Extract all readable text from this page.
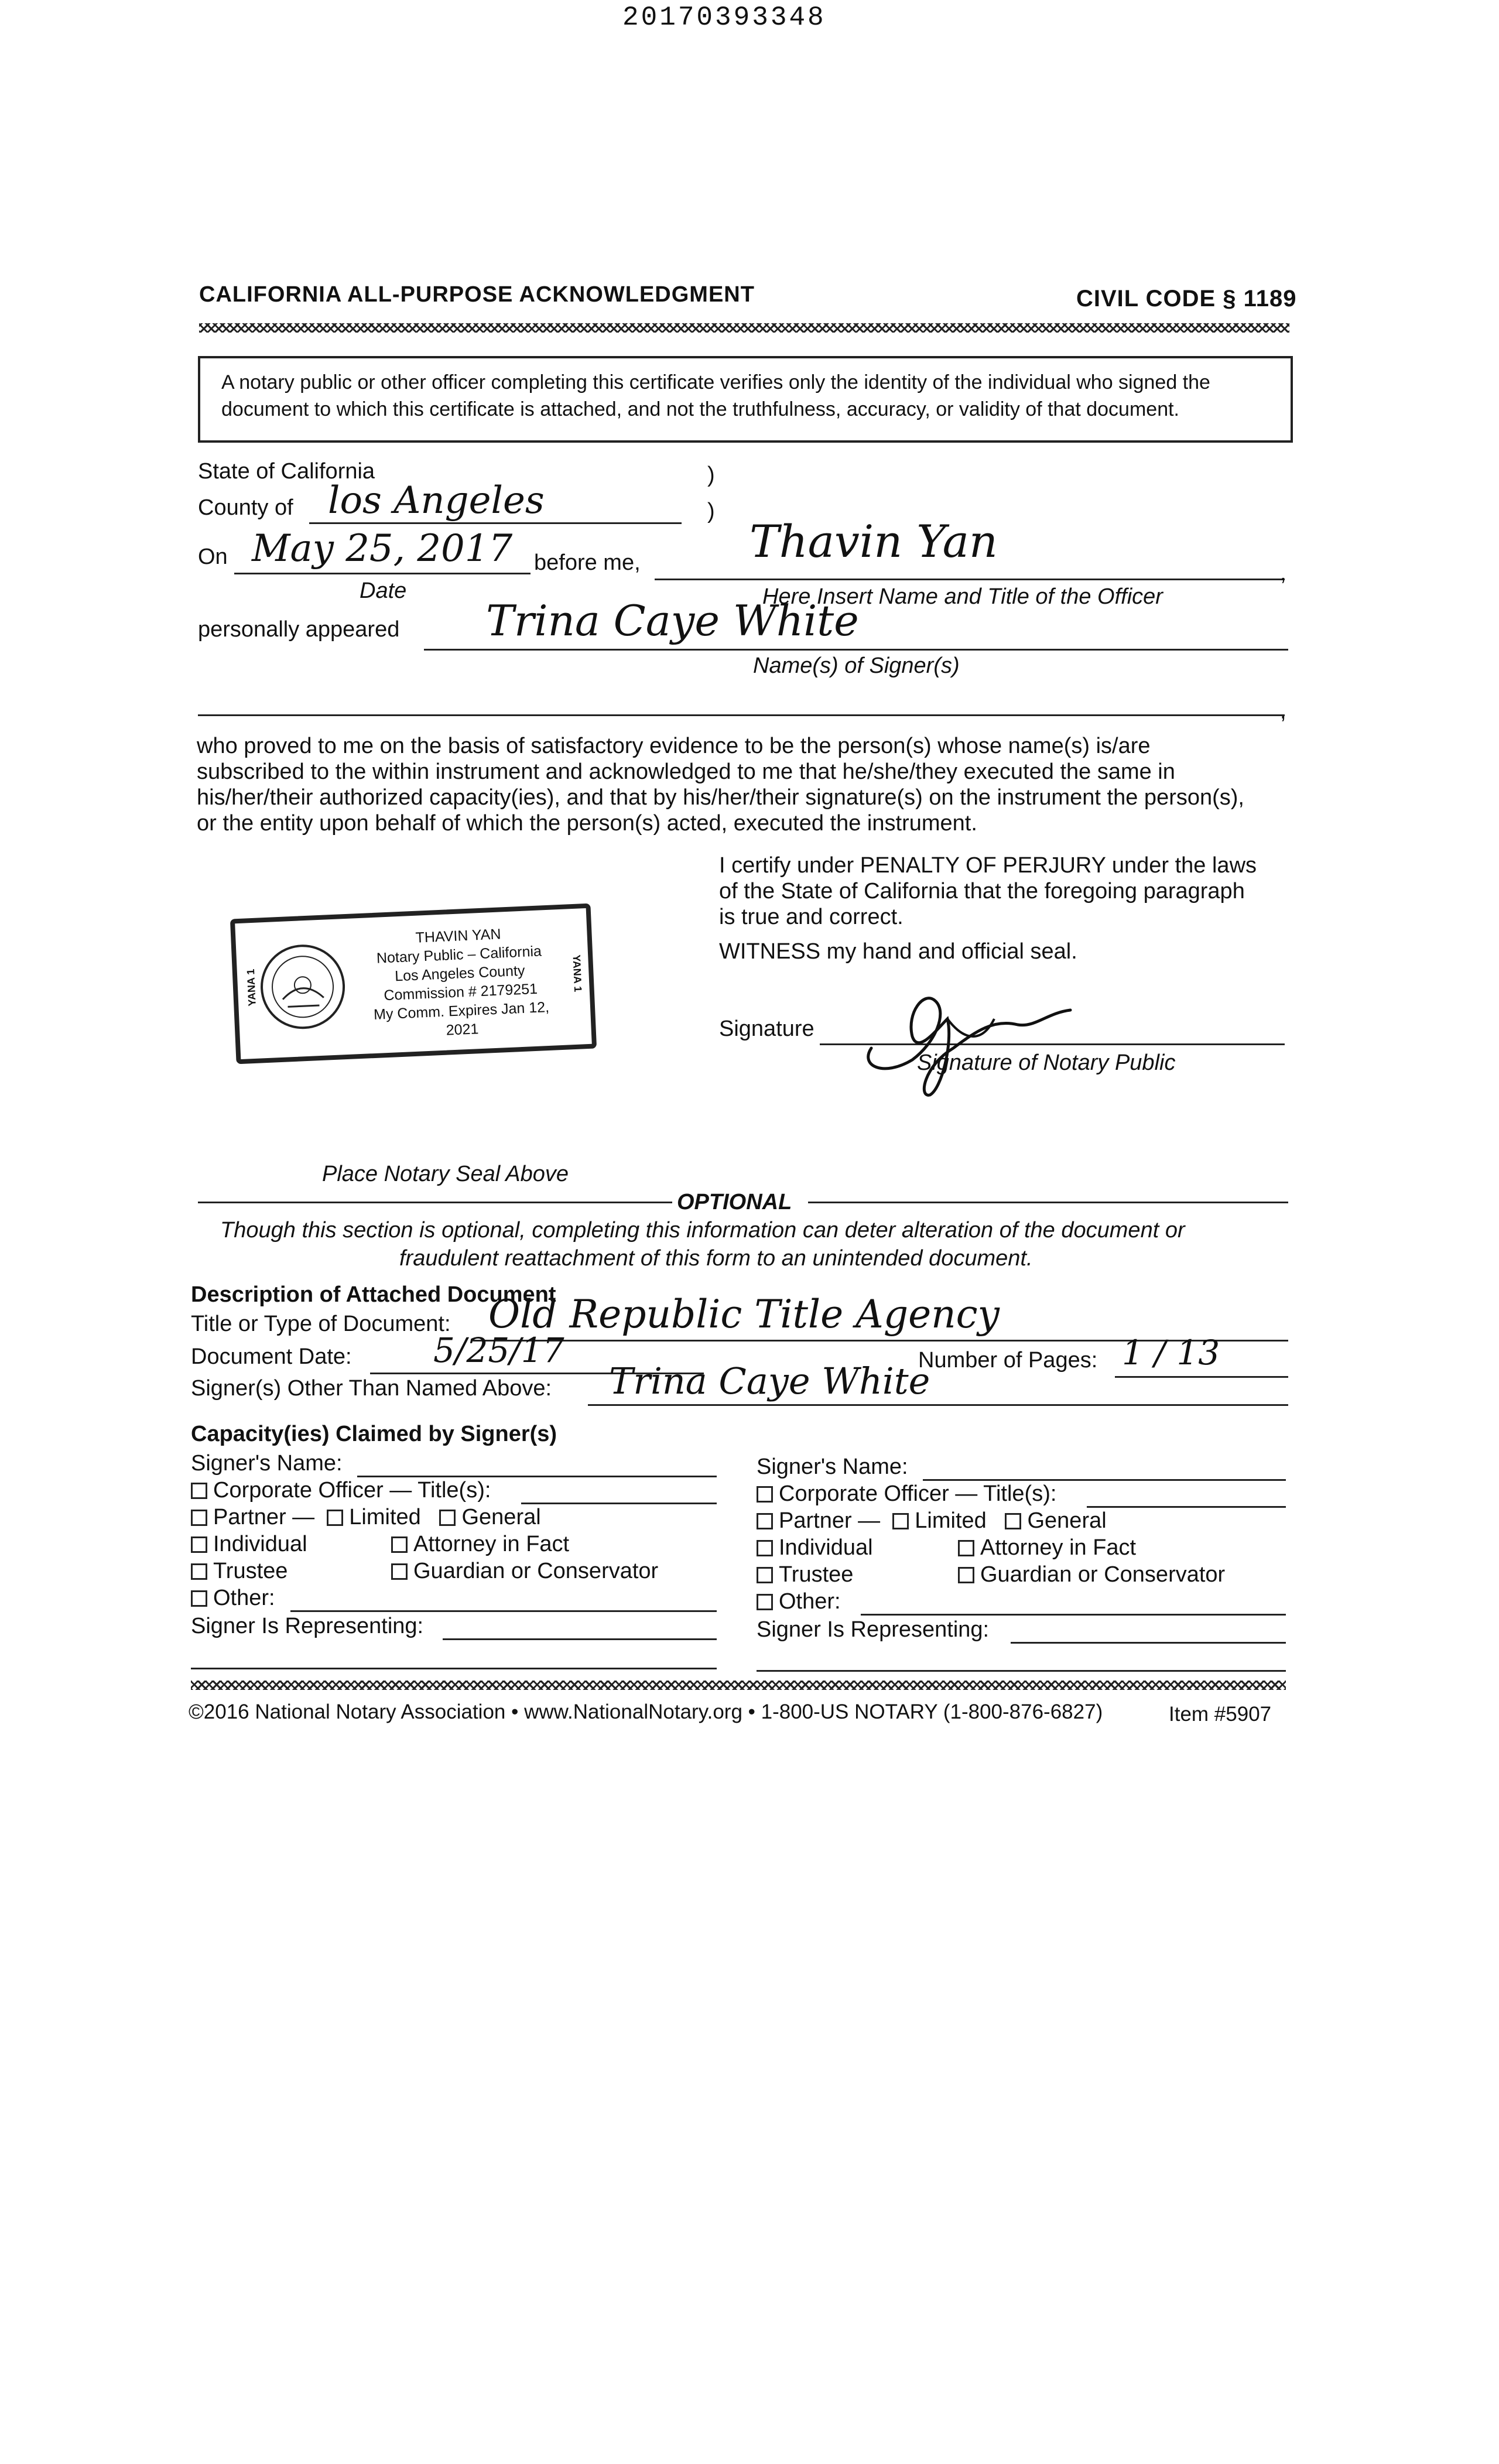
20170393348
CALIFORNIA ALL-PURPOSE ACKNOWLEDGMENT	CIVIL CODE § 1189
A notary public or other officer completing this certificate verifies only the identity of the individual who signed the
document to which this certificate is attached, and not the truthfulness, accuracy, or validity of that document.
State of California	)
County of los Angeles	)
On May 25, 2017 before me, Thavin Yan
,
Date	Here Insert Name and Title of the Officer
personally appeared Trina Caye White
Name(s) of Signer(s)
,
who proved to me on the basis of satisfactory evidence to be the person(s) whose name(s) is/are
subscribed to the within instrument and acknowledged to me that he/she/they executed the same in
his/her/their authorized capacity(ies), and that by his/her/their signature(s) on the instrument the person(s),
or the entity upon behalf of which the person(s) acted, executed the instrument.
I certify under PENALTY OF PERJURY under the laws
of the State of California that the foregoing paragraph
is true and correct.
WITNESS my hand and official seal.
YANA 1	YANA 1
THAVIN YAN
Notary Public – California
Los Angeles County
Commission # 2179251
My Comm. Expires Jan 12, 2021	Signature
Signature of Notary Public
Place Notary Seal Above
OPTIONAL
Though this section is optional, completing this information can deter alteration of the document or
fraudulent reattachment of this form to an unintended document.
Description of Attached Document
Title or Type of Document: Old Republic Title Agency
Document Date: 5/25/17	Number of Pages: 1 / 13
Signer(s) Other Than Named Above: Trina Caye White
Capacity(ies) Claimed by Signer(s)
Signer's Name:
Corporate Officer — Title(s):
Partner — Limited General
Individual	Attorney in Fact
Trustee	Guardian or Conservator
Other:
Signer Is Representing:
Signer's Name:
Corporate Officer — Title(s):
Partner — Limited General
Individual	Attorney in Fact
Trustee	Guardian or Conservator
Other:
Signer Is Representing:
©2016 National Notary Association • www.NationalNotary.org • 1-800-US NOTARY (1-800-876-6827)	Item #5907
